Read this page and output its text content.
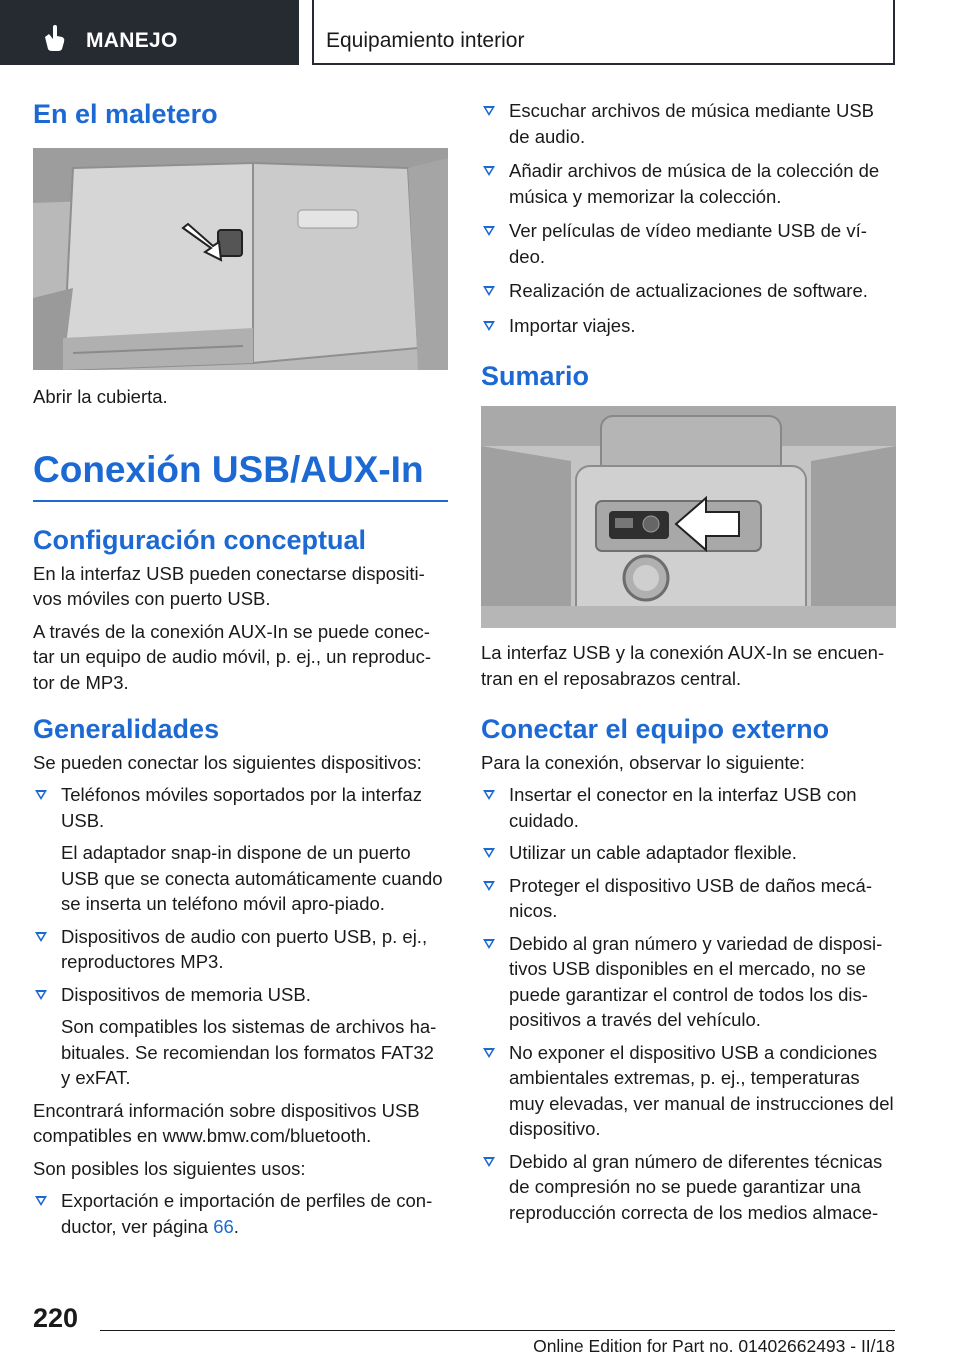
MANEJO	Equipamiento interior
En el maletero

Abrir la cubierta.

Conexión USB/AUX-In
Configuración conceptual

En la interfaz USB pueden conectarse dispositi-vos móviles con puerto USB.

A través de la conexión AUX-In se puede conec-tar un equipo de audio móvil, p. ej., un reproduc-tor de MP3.

Generalidades

Se pueden conectar los siguientes dispositivos:

Teléfonos móviles soportados por la interfaz USB.
El adaptador snap-in dispone de un puerto USB que se conecta automáticamente cuando se inserta un teléfono móvil apro-piado.
Dispositivos de audio con puerto USB, p. ej., reproductores MP3.
Dispositivos de memoria USB.
Son compatibles los sistemas de archivos ha-bituales. Se recomiendan los formatos FAT32 y exFAT.

Encontrará información sobre dispositivos USB compatibles en www.bmw.com/bluetooth.

Son posibles los siguientes usos:

Exportación e importación de perfiles de con-ductor, ver página 66.
Escuchar archivos de música mediante USB de audio.
Añadir archivos de música de la colección de música y memorizar la colección.
Ver películas de vídeo mediante USB de ví-deo.
Realización de actualizaciones de software.
Importar viajes.
Sumario

La interfaz USB y la conexión AUX-In se encuen-tran en el reposabrazos central.

Conectar el equipo externo

Para la conexión, observar lo siguiente:

Insertar el conector en la interfaz USB con cuidado.
Utilizar un cable adaptador flexible.
Proteger el dispositivo USB de daños mecá-nicos.
Debido al gran número y variedad de disposi-tivos USB disponibles en el mercado, no se puede garantizar el control de todos los dis-positivos a través del vehículo.
No exponer el dispositivo USB a condiciones ambientales extremas, p. ej., temperaturas muy elevadas, ver manual de instrucciones del dispositivo.
Debido al gran número de diferentes técnicas de compresión no se puede garantizar una reproducción correcta de los medios almace-
220
Online Edition for Part no. 01402662493 - II/18
